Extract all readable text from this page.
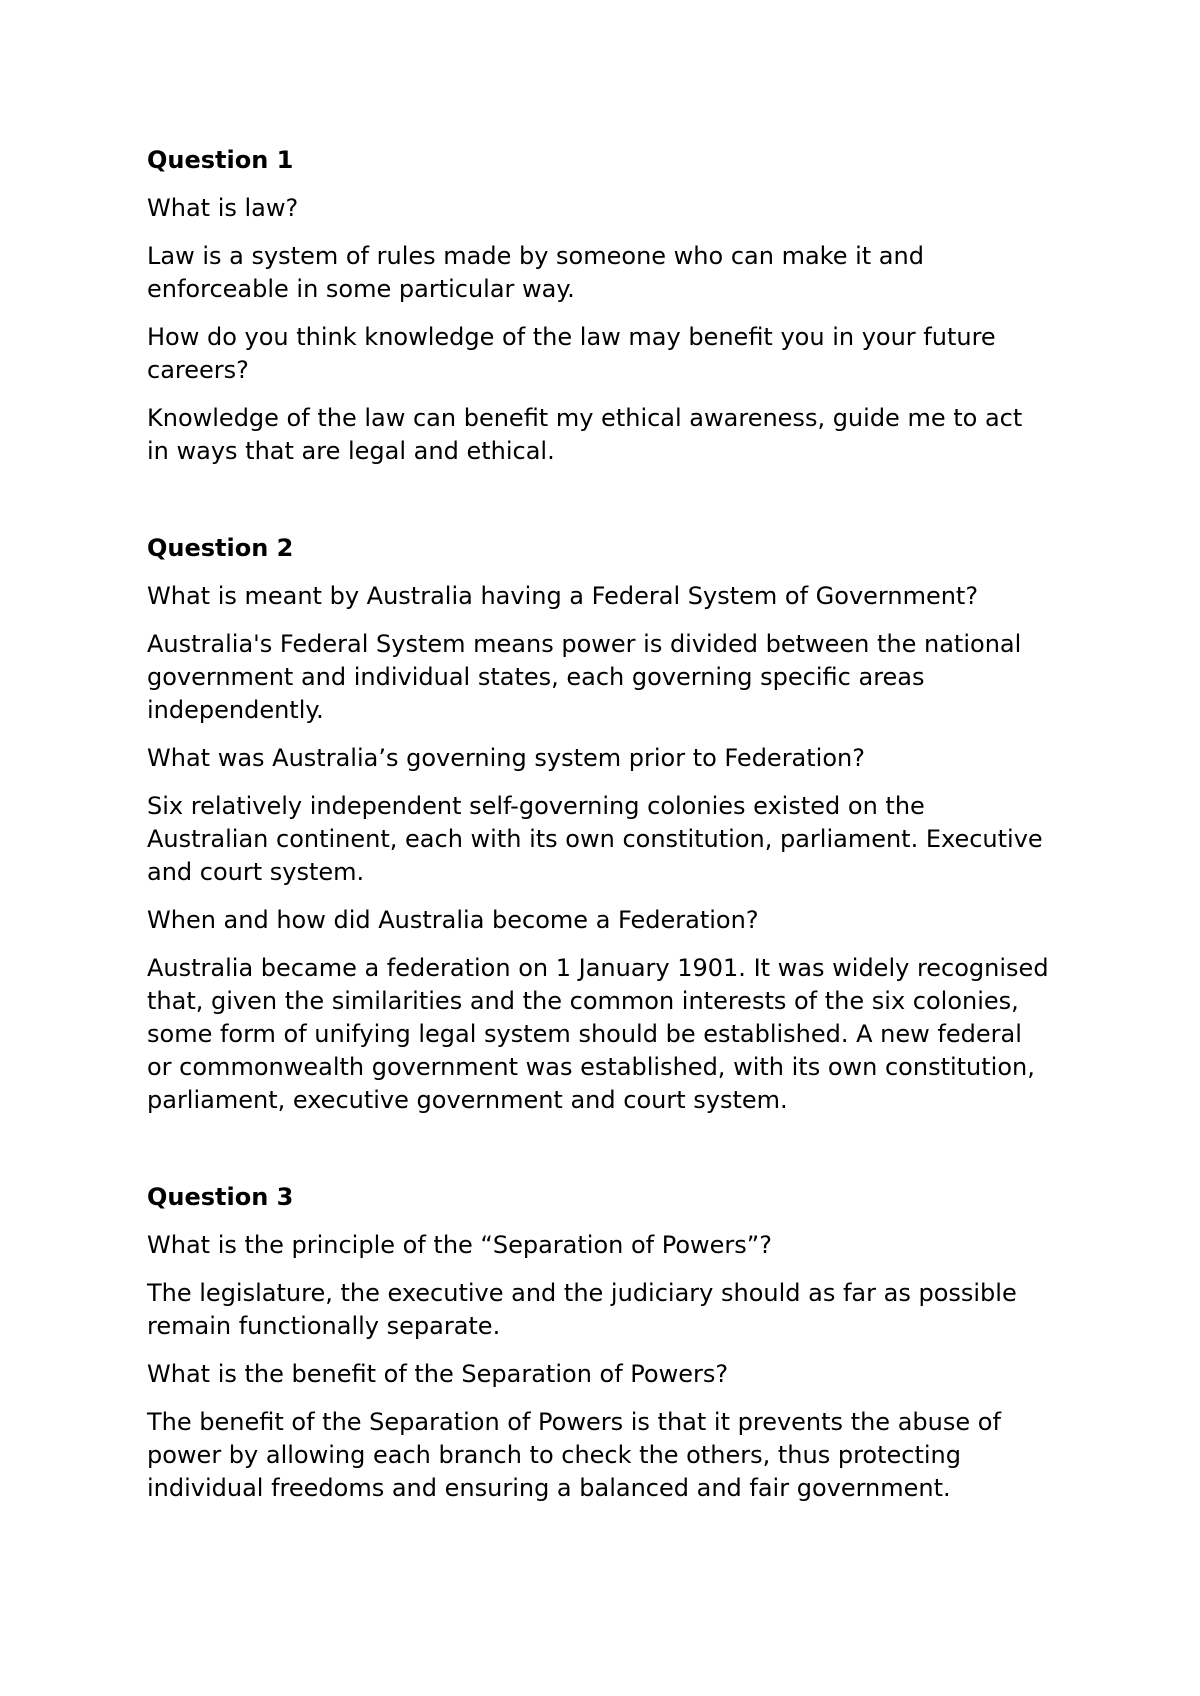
Question 1

What is law?

Law is a system of rules made by someone who can make it and
enforceable in some particular way.

How do you think knowledge of the law may benefit you in your future
careers?

Knowledge of the law can benefit my ethical awareness, guide me to act
in ways that are legal and ethical.

Question 2

What is meant by Australia having a Federal System of Government?

Australia's Federal System means power is divided between the national
government and individual states, each governing specific areas
independently.

What was Australia’s governing system prior to Federation?

Six relatively independent self-governing colonies existed on the
Australian continent, each with its own constitution, parliament. Executive
and court system.

When and how did Australia become a Federation?

Australia became a federation on 1 January 1901. It was widely recognised
that, given the similarities and the common interests of the six colonies,
some form of unifying legal system should be established. A new federal
or commonwealth government was established, with its own constitution,
parliament, executive government and court system.

Question 3

What is the principle of the “Separation of Powers”?

The legislature, the executive and the judiciary should as far as possible
remain functionally separate.

What is the benefit of the Separation of Powers?

The benefit of the Separation of Powers is that it prevents the abuse of
power by allowing each branch to check the others, thus protecting
individual freedoms and ensuring a balanced and fair government.
